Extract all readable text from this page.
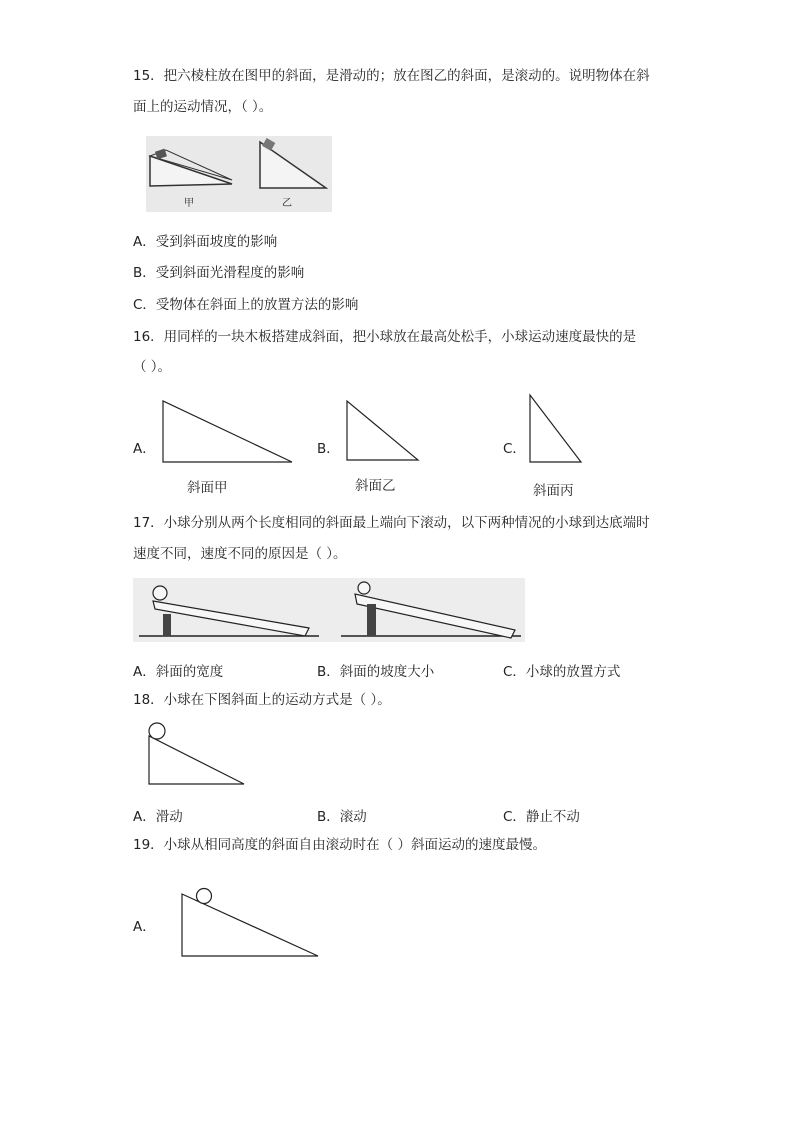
15．把六棱柱放在图甲的斜面，是滑动的；放在图乙的斜面，是滚动的。说明物体在斜
面上的运动情况，（ ）。
甲	乙
A．受到斜面坡度的影响
B．受到斜面光滑程度的影响
C．受物体在斜面上的放置方法的影响
16．用同样的一块木板搭建成斜面，把小球放在最高处松手，小球运动速度最快的是
（ ）。
A．
斜面甲
B．
斜面乙
C．
斜面丙
17．小球分别从两个长度相同的斜面最上端向下滚动，以下两种情况的小球到达底端时
速度不同，速度不同的原因是（ ）。
A．斜面的宽度	B．斜面的坡度大小	C．小球的放置方式
18．小球在下图斜面上的运动方式是（ ）。
A．滑动	B．滚动	C．静止不动
19．小球从相同高度的斜面自由滚动时在（ ）斜面运动的速度最慢。
A．
